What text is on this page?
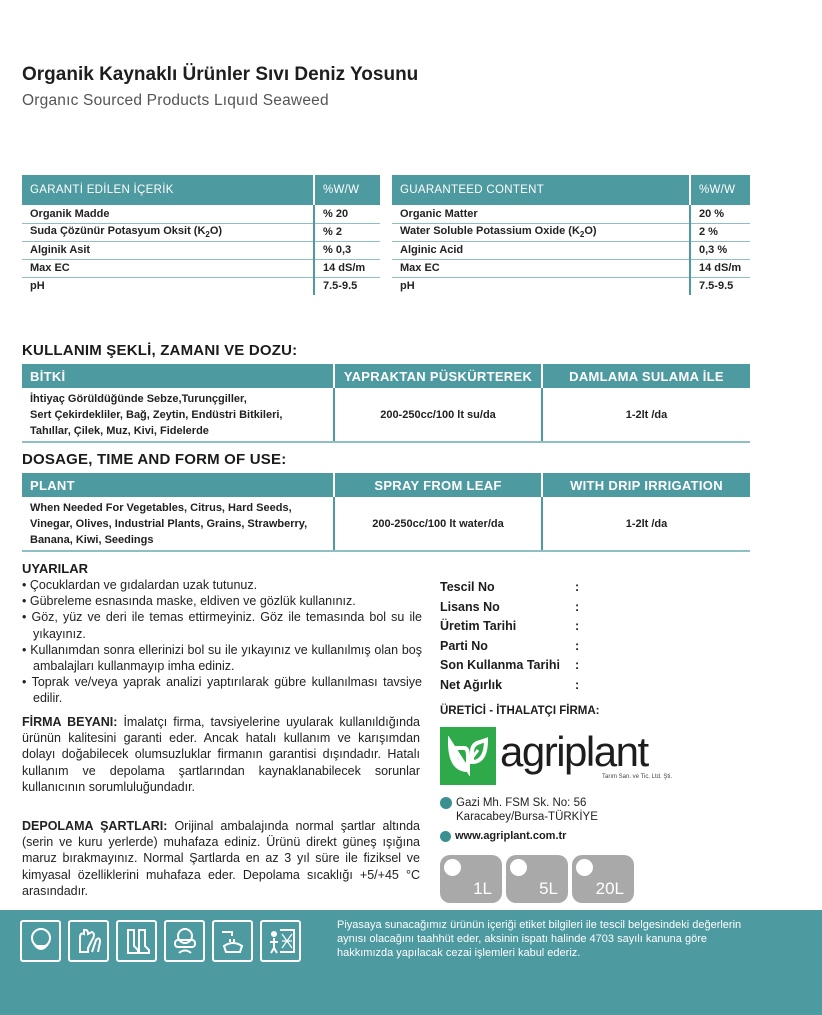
Organik Kaynaklı Ürünler Sıvı Deniz Yosunu
Organıc Sourced Products Lıquıd Seaweed
GARANTİ EDİLEN İÇERİK	%W/W
Organik Madde	% 20
Suda Çözünür Potasyum Oksit $(K_2O)$	% 2
Alginik Asit	% 0,3
Max EC	14 dS/m
pH	7.5-9.5
GUARANTEED CONTENT	%W/W
Organic Matter	20 %
Water Soluble Potassium Oxide $(K_2O)$	2 %
Alginic Acid	0,3 %
Max EC	14 dS/m
pH	7.5-9.5
KULLANIM ŞEKLİ, ZAMANI VE DOZU:
BİTKİ	YAPRAKTAN PÜSKÜRTEREK	DAMLAMA SULAMA İLE

İhtiyaç Görüldüğünde Sebze,Turunçgiller,
Sert Çekirdekliler, Bağ, Zeytin, Endüstri Bitkileri,
Tahıllar, Çilek, Muz, Kivi, Fidelerde	200-250cc/100 lt su/da	1-2lt /da
DOSAGE, TIME AND FORM OF USE:
PLANT	SPRAY FROM LEAF	WITH DRIP IRRIGATION

When Needed For Vegetables, Citrus, Hard Seeds,
Vinegar, Olives, Industrial Plants, Grains, Strawberry,
Banana, Kiwi, Seedings	200-250cc/100 lt water/da	1-2lt /da
UYARILAR
• Çocuklardan ve gıdalardan uzak tutunuz.
• Gübreleme esnasında maske, eldiven ve gözlük kullanınız.
• Göz, yüz ve deri ile temas ettirmeyiniz. Göz ile temasında bol su ile yıkayınız.
• Kullanımdan sonra ellerinizi bol su ile yıkayınız ve kullanılmış olan boş ambalajları kullanmayıp imha ediniz.
• Toprak ve/veya yaprak analizi yaptırılarak gübre kullanılması tavsiye edilir.
FİRMA BEYANI: İmalatçı firma, tavsiyelerine uyularak kullanıldığında ürünün kalitesini garanti eder. Ancak hatalı kullanım ve karışımdan dolayı doğabilecek olumsuzluklar firmanın garantisi dışındadır. Hatalı kullanım ve depolama şartlarından kaynaklanabilecek sorunlar kullanıcının sorumluluğundadır.
DEPOLAMA ŞARTLARI: Orijinal ambalajında normal şartlar altında (serin ve kuru yerlerde) muhafaza ediniz. Ürünü direkt güneş ışığına maruz bırakmayınız. Normal Şartlarda en az 3 yıl süre ile fiziksel ve kimyasal özelliklerini muhafaza eder. Depolama sıcaklığı +5/+45 °C arasındadır.
Tescil No	:
Lisans No	:
Üretim Tarihi	:
Parti No	:
Son Kullanma Tarihi	:
Net Ağırlık	:
ÜRETİCİ - İTHALATÇI FİRMA:
agriplant
Tarım San. ve Tic. Ltd. Şti.
Gazi Mh. FSM Sk. No: 56
Karacabey/Bursa-TÜRKİYE
www.agriplant.com.tr
1L	5L 20L
Piyasaya sunacağımız ürünün içeriği etiket bilgileri ile tescil belgesindeki değerlerin aynısı olacağını taahhüt eder, aksinin ispatı halinde 4703 sayılı kanuna göre hakkımızda yapılacak cezai işlemleri kabul ederiz.
